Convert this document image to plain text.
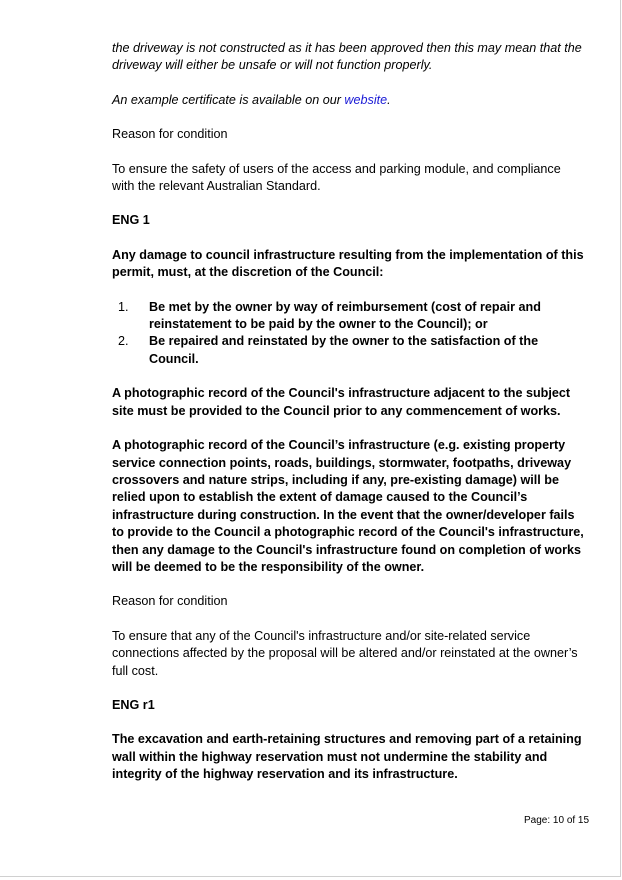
the driveway is not constructed as it has been approved then this may mean that the driveway will either be unsafe or will not function properly.

An example certificate is available on our website.

Reason for condition

To ensure the safety of users of the access and parking module, and compliance with the relevant Australian Standard.

ENG 1

Any damage to council infrastructure resulting from the implementation of this permit, must, at the discretion of the Council:

1. Be met by the owner by way of reimbursement (cost of repair and reinstatement to be paid by the owner to the Council); or
2. Be repaired and reinstated by the owner to the satisfaction of the Council.

A photographic record of the Council's infrastructure adjacent to the subject site must be provided to the Council prior to any commencement of works.

A photographic record of the Council’s infrastructure (e.g. existing property service connection points, roads, buildings, stormwater, footpaths, driveway crossovers and nature strips, including if any, pre-existing damage) will be relied upon to establish the extent of damage caused to the Council’s infrastructure during construction. In the event that the owner/developer fails to provide to the Council a photographic record of the Council's infrastructure, then any damage to the Council's infrastructure found on completion of works will be deemed to be the responsibility of the owner.

Reason for condition

To ensure that any of the Council's infrastructure and/or site-related service connections affected by the proposal will be altered and/or reinstated at the owner’s full cost.

ENG r1

The excavation and earth-retaining structures and removing part of a retaining wall within the highway reservation must not undermine the stability and integrity of the highway reservation and its infrastructure.

Page: 10 of 15
